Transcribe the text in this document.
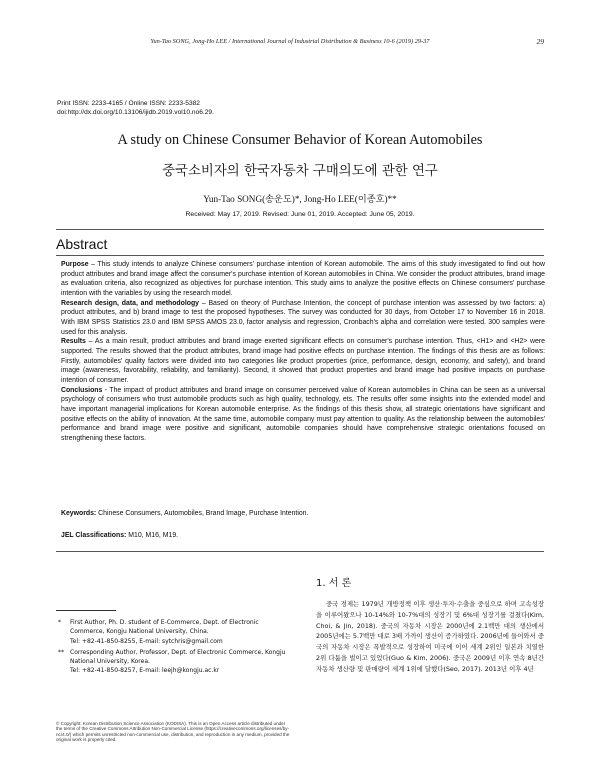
Yun-Tao SONG, Jong-Ho LEE / International Journal of Industrial Distribution & Business 10-6 (2019) 29-37	29
Print ISSN: 2233-4165 / Online ISSN: 2233-5382
doi:http://dx.doi.org/10.13106/ijidb.2019.vol10.no6.29.
A study on Chinese Consumer Behavior of Korean Automobiles
중국소비자의 한국자동차 구매의도에 관한 연구
Yun-Tao SONG(송운도)*, Jong-Ho LEE(이종호)**
Received: May 17, 2019. Revised: June 01, 2019. Accepted: June 05, 2019.
Abstract

Purpose – This study intends to analyze Chinese consumers' purchase intention of Korean automobile. The aims of this study investigated to find out how product attributes and brand image affect the consumer's purchase intention of Korean automobiles in China. We consider the product attributes, brand image as evaluation criteria, also recognized as objectives for purchase intention. This study aims to analyze the positive effects on Chinese consumers' purchase intention with the variables by using the research model.

Research design, data, and methodology – Based on theory of Purchase Intention, the concept of purchase intention was assessed by two factors: a) product attributes, and b) brand image to test the proposed hypotheses. The survey was conducted for 30 days, from October 17 to November 16 in 2018. With IBM SPSS Statistics 23.0 and IBM SPSS AMOS 23.0, factor analysis and regression, Cronbach's alpha and correlation were tested. 300 samples were used for this analysis.

Results – As a main result, product attributes and brand image exerted significant effects on consumer's purchase intention. Thus, <H1> and <H2> were supported. The results showed that the product attributes, brand image had positive effects on purchase intention. The findings of this thesis are as follows: Firstly, automobiles' quality factors were divided into two categories like product properties (price, performance, design, economy, and safety), and brand image (awareness, favorability, reliability, and familiarity). Second, it showed that product properties and brand image had positive impacts on purchase intention of consumer.

Conclusions - The impact of product attributes and brand image on consumer perceived value of Korean automobiles in China can be seen as a universal psychology of consumers who trust automobile products such as high quality, technology, ets. The results offer some insights into the extended model and have important managerial implications for Korean automobile enterprise. As the findings of this thesis show, all strategic orientations have significant and positive effects on the ability of innovation. At the same time, automobile company must pay attention to quality. As the relationship between the automobiles' performance and brand image were positive and significant, automobile companies should have comprehensive strategic orientations focused on strengthening these factors.

Keywords: Chinese Consumers, Automobiles, Brand Image, Purchase Intention.
JEL Classifications: M10, M16, M19.
1. 서 론
중국 경제는 1979년 개방정책 이후 생산·투자·수출을 중심으로 하며 고속성장을 이루어왔으나 10-14%와 10-7%대의 성장기 및 6%대 성장기를 걸쳤다(Kim, Choi, & Jin, 2018). 중국의 자동차 시장은 2000년에 2.1백만 대의 생산에서 2005년에는 5.7백만 대로 3배 가까이 생산이 증가하였다. 2006년에 들어와서 중국의 자동차 시장은 폭발적으로 성장하여 미국에 이어 세계 2위인 일본과 치열한 2위 다툼을 벌이고 있었다(Guo & Kim, 2006). 중국은 2009년 이후 연속 8년간 자동차 생산량 및 판매량이 세계 1위에 달했다(Seo, 2017). 2013년 이후 4년
* First Author, Ph. D. student of E-Commerce, Dept. of Electronic Commerce, Kongju National University, China.
Tel: +82-41-850-8255, E-mail: sytchris@gmail.com
** Corresponding Author, Professor, Dept. of Electronic Commerce, Kongju National University, Korea.
Tel: +82-41-850-8257, E-mail: leejh@kongju.ac.kr
© Copyright: Korean Distribution Science Association (KODISA). This is an Open Access article distributed under the terms of the Creative Commons Attribution Non-Commercial License (https://creativecommons.org/licenses/by-nc/4.0/) which permits unrestricted non-commercial use, distribution, and reproduction in any medium, provided the original work is properly cited.
